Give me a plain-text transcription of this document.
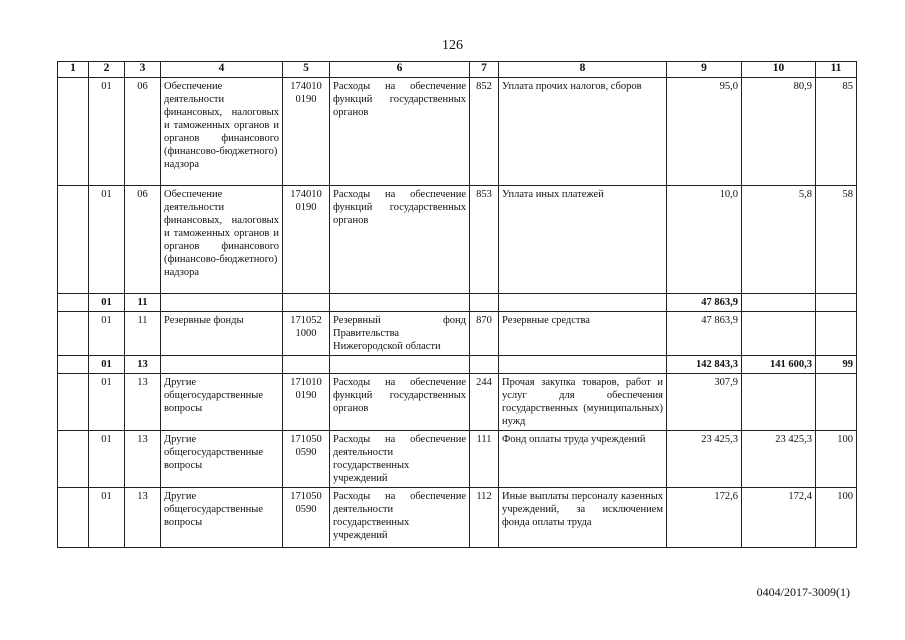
126
1	2	3	4	5	6	7	8	9	10	11
	01	06	Обеспечение деятельности финансовых, налоговых и таможенных органов и органов финансового (финансово-бюджетного) надзора	174010 0190	Расходы на обеспечение функций государственных органов	852	Уплата прочих налогов, сборов	95,0	80,9	85
	01	06	Обеспечение деятельности финансовых, налоговых и таможенных органов и органов финансового (финансово-бюджетного) надзора	174010 0190	Расходы на обеспечение функций государственных органов	853	Уплата иных платежей	10,0	5,8	58
	01	11						47 863,9		
	01	11	Резервные фонды	171052 1000	Резервный фонд Правительства Нижегородской области	870	Резервные средства	47 863,9		
	01	13						142 843,3	141 600,3	99
	01	13	Другие общегосударственные вопросы	171010 0190	Расходы на обеспечение функций государственных органов	244	Прочая закупка товаров, работ и услуг для обеспечения государственных (муниципальных) нужд	307,9		
	01	13	Другие общегосударственные вопросы	171050 0590	Расходы на обеспечение деятельности государственных учреждений	111	Фонд оплаты труда учреждений	23 425,3	23 425,3	100
	01	13	Другие общегосударственные вопросы	171050 0590	Расходы на обеспечение деятельности государственных учреждений	112	Иные выплаты персоналу казенных учреждений, за исключением фонда оплаты труда	172,6	172,4	100
0404/2017-3009(1)
